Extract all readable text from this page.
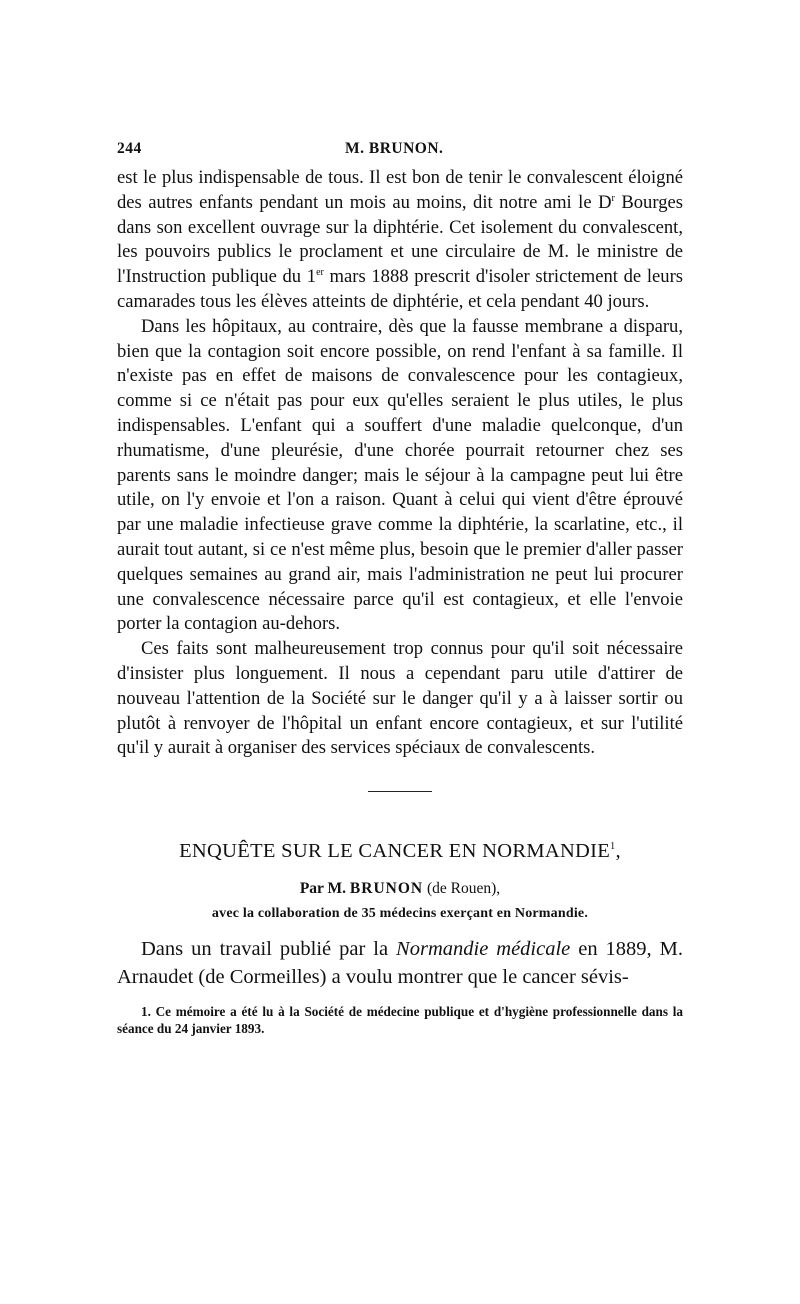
244	M. BRUNON.

est le plus indispensable de tous. Il est bon de tenir le convalescent éloigné des autres enfants pendant un mois au moins, dit notre ami le $D^r$ Bourges dans son excellent ouvrage sur la diphtérie. Cet isolement du convalescent, les pouvoirs publics le proclament et une circulaire de M. le ministre de l'Instruction publique du 1er mars 1888 prescrit d'isoler strictement de leurs camarades tous les élèves atteints de diphtérie, et cela pendant 40 jours.

Dans les hôpitaux, au contraire, dès que la fausse membrane a disparu, bien que la contagion soit encore possible, on rend l'enfant à sa famille. Il n'existe pas en effet de maisons de convalescence pour les contagieux, comme si ce n'était pas pour eux qu'elles seraient le plus utiles, le plus indispensables. L'enfant qui a souffert d'une maladie quelconque, d'un rhumatisme, d'une pleurésie, d'une chorée pourrait retourner chez ses parents sans le moindre danger; mais le séjour à la campagne peut lui être utile, on l'y envoie et l'on a raison. Quant à celui qui vient d'être éprouvé par une maladie infectieuse grave comme la diphtérie, la scarlatine, etc., il aurait tout autant, si ce n'est même plus, besoin que le premier d'aller passer quelques semaines au grand air, mais l'administration ne peut lui procurer une convalescence nécessaire parce qu'il est contagieux, et elle l'envoie porter la contagion au-dehors.

Ces faits sont malheureusement trop connus pour qu'il soit nécessaire d'insister plus longuement. Il nous a cependant paru utile d'attirer de nouveau l'attention de la Société sur le danger qu'il y a à laisser sortir ou plutôt à renvoyer de l'hôpital un enfant encore contagieux, et sur l'utilité qu'il y aurait à organiser des services spéciaux de convalescents.

ENQUÊTE SUR LE CANCER EN NORMANDIE$^1$,
Par M. BRUNON (de Rouen),
avec la collaboration de 35 médecins exerçant en Normandie.

Dans un travail publié par la Normandie médicale en 1889, M. Arnaudet (de Cormeilles) a voulu montrer que le cancer sévis-

1. Ce mémoire a été lu à la Société de médecine publique et d'hygiène professionnelle dans la séance du 24 janvier 1893.
